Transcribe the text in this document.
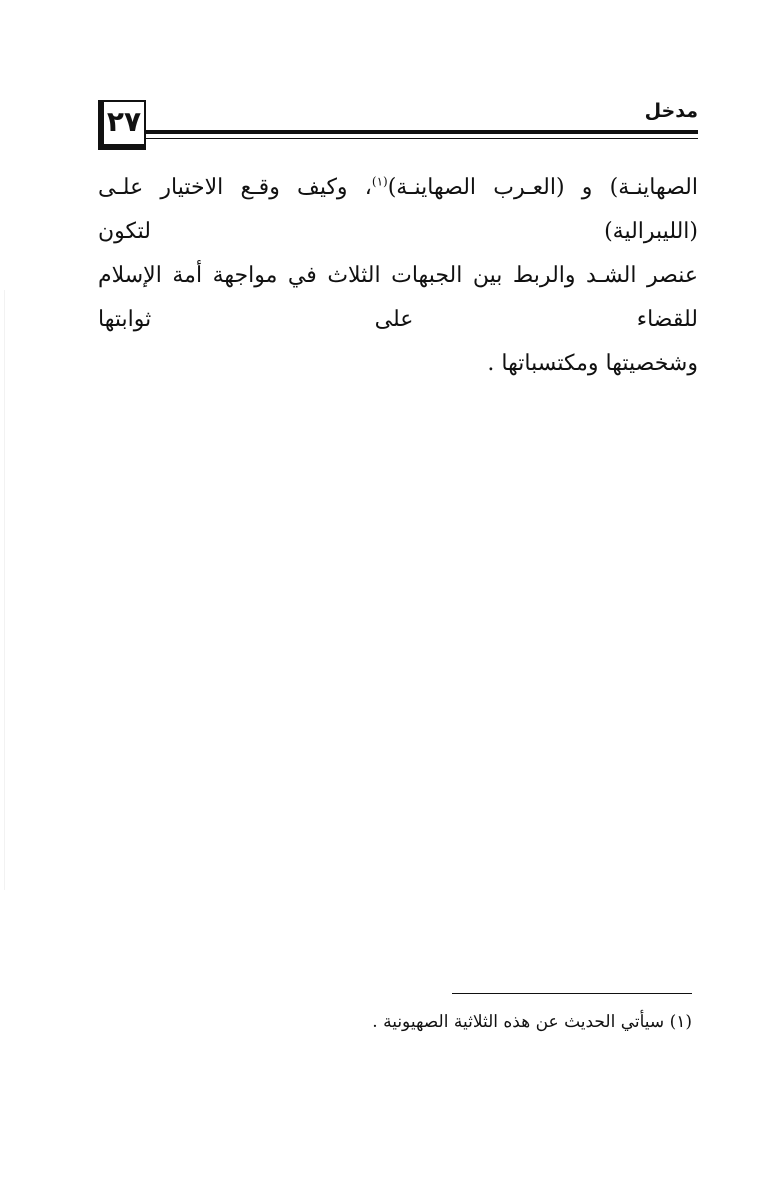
٢٧	مدخل
الصهاينـة) و (العـرب الصهاينـة)$^{(١)}$، وكيف وقـع الاختيار علـى (الليبرالية) لتكون
عنصر الشـد والربط بين الجبهات الثلاث في مواجهة أمة الإسلام للقضاء على ثوابتها
وشخصيتها ومكتسباتها .
(١) سيأتي الحديث عن هذه الثلاثية الصهيونية .
